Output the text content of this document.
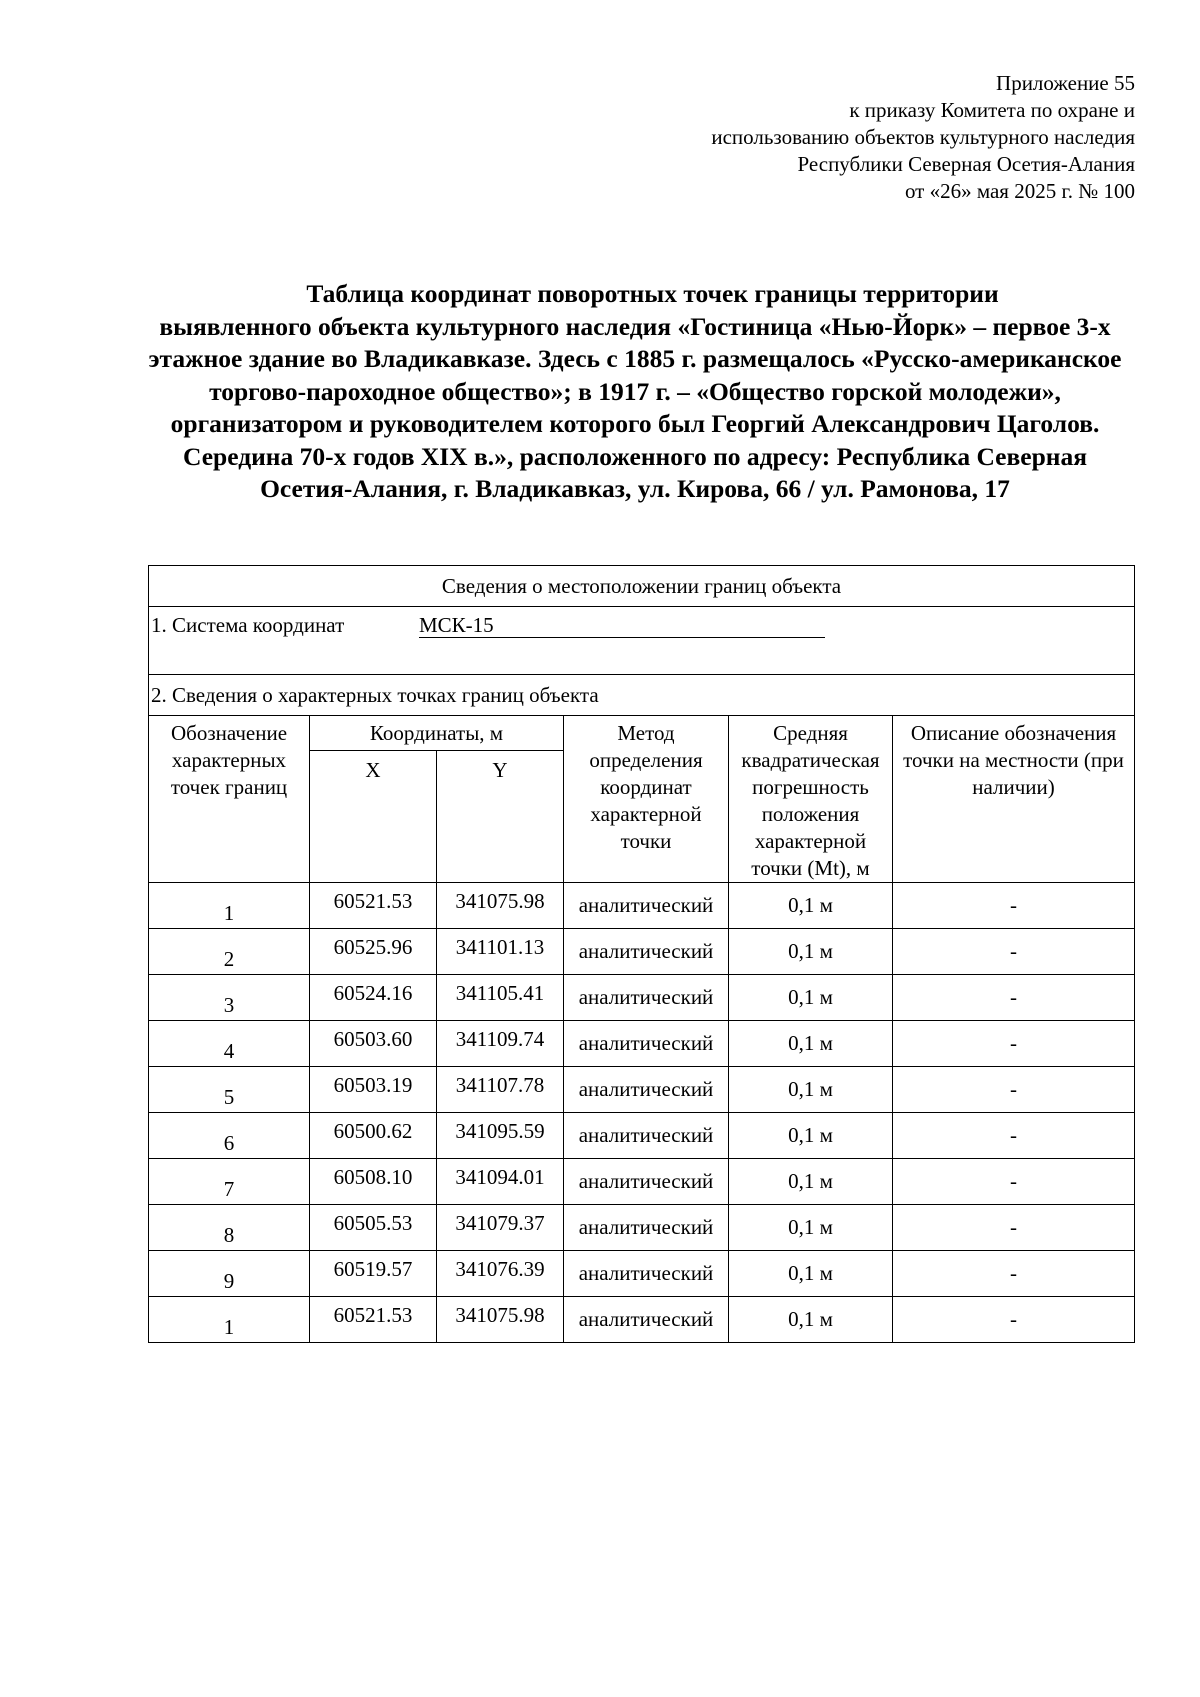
Приложение 55
к приказу Комитета по охране и
использованию объектов культурного наследия
Республики Северная Осетия-Алания
от «26» мая 2025 г. № 100
Таблица координат поворотных точек границы территории
выявленного объекта культурного наследия «Гостиница «Нью-Йорк» – первое 3-х этажное здание во Владикавказе. Здесь с 1885 г. размещалось «Русско-американское торгово-пароходное общество»; в 1917 г. – «Общество горской молодежи», организатором и руководителем которого был Георгий Александрович Цаголов. Середина 70-х годов XIX в.», расположенного по адресу: Республика Северная Осетия-Алания, г. Владикавказ, ул. Кирова, 66 / ул. Рамонова, 17
Сведения о местоположении границ объекта					
1. Система координат МСК-15					
2. Сведения о характерных точках границ объекта					
Обозначение характерных точек границ	Координаты, м		Метод определения координат характерной точки	Средняя квадратическая погрешность положения характерной точки (Mt), м	Описание обозначения точки на местности (при наличии)
	X	Y			
1	60521.53	341075.98	аналитический	0,1 м	-
2	60525.96	341101.13	аналитический	0,1 м	-
3	60524.16	341105.41	аналитический	0,1 м	-
4	60503.60	341109.74	аналитический	0,1 м	-
5	60503.19	341107.78	аналитический	0,1 м	-
6	60500.62	341095.59	аналитический	0,1 м	-
7	60508.10	341094.01	аналитический	0,1 м	-
8	60505.53	341079.37	аналитический	0,1 м	-
9	60519.57	341076.39	аналитический	0,1 м	-
1	60521.53	341075.98	аналитический	0,1 м	-
